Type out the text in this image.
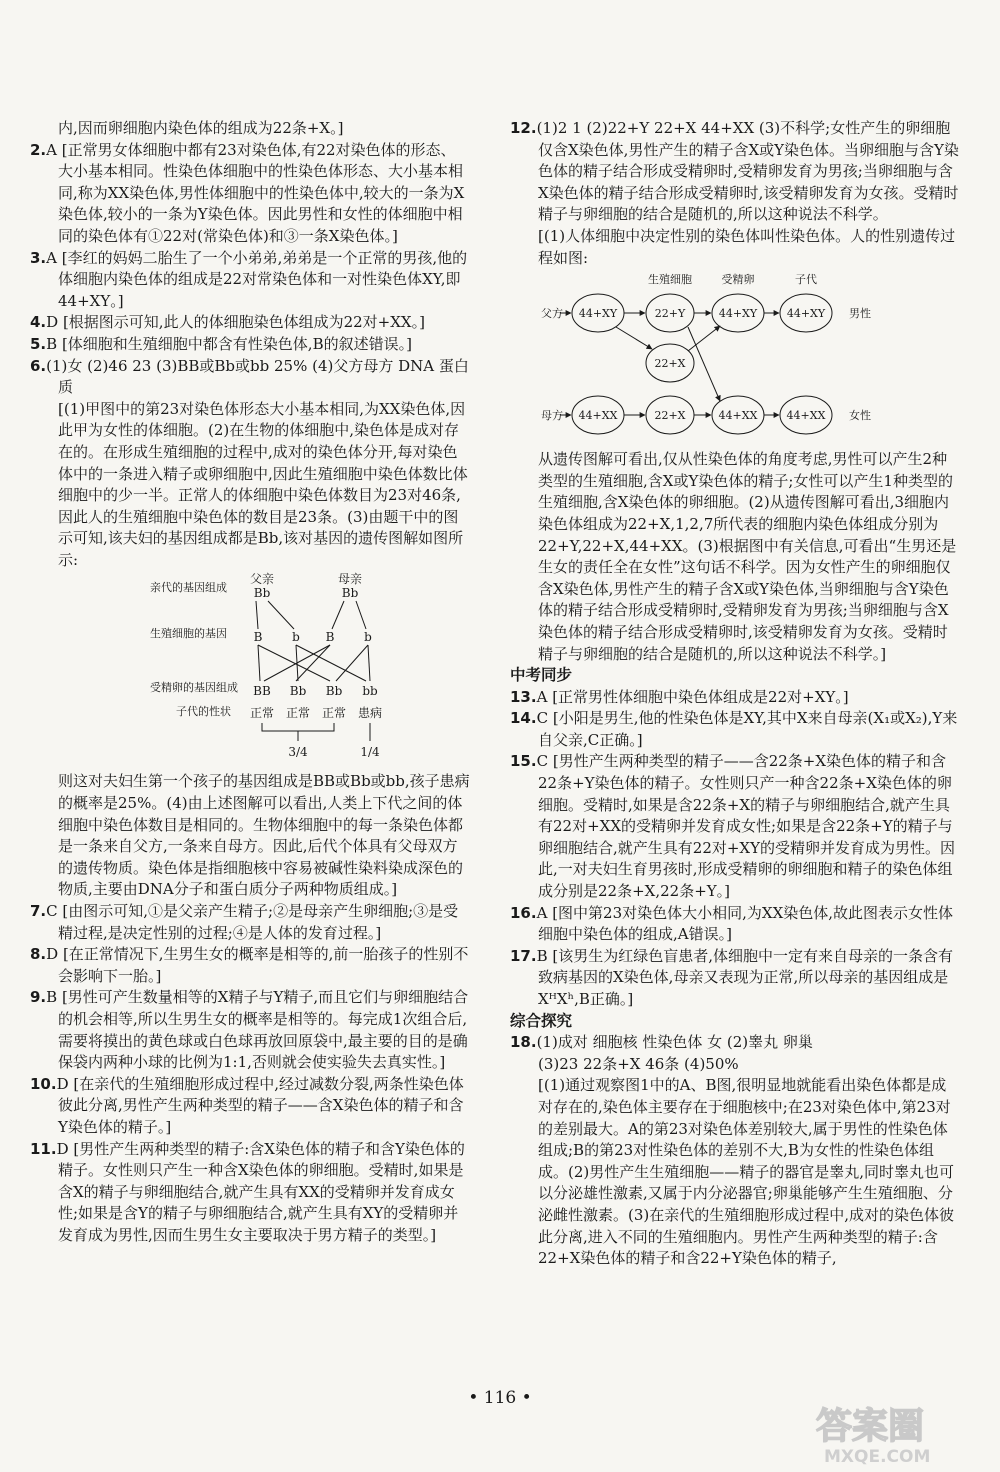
内,因而卵细胞内染色体的组成为22条+X。]

2.A [正常男女体细胞中都有23对染色体,有22对染色体的形态、大小基本相同。性染色体细胞中的性染色体形态、大小基本相同,称为XX染色体,男性体细胞中的性染色体中,较大的一条为X染色体,较小的一条为Y染色体。因此男性和女性的体细胞中相同的染色体有①22对(常染色体)和③一条X染色体。]

3.A [李红的妈妈二胎生了一个小弟弟,弟弟是一个正常的男孩,他的体细胞内染色体的组成是22对常染色体和一对性染色体XY,即44+XY。]

4.D [根据图示可知,此人的体细胞染色体组成为22对+XX。]

5.B [体细胞和生殖细胞中都含有性染色体,B的叙述错误。]

6.(1)女 (2)46 23 (3)BB或Bb或bb 25% (4)父方母方 DNA 蛋白质

[(1)甲图中的第23对染色体形态大小基本相同,为XX染色体,因此甲为女性的体细胞。(2)在生物的体细胞中,染色体是成对存在的。在形成生殖细胞的过程中,成对的染色体分开,每对染色体中的一条进入精子或卵细胞中,因此生殖细胞中染色体数比体细胞中的少一半。正常人的体细胞中染色体数目为23对46条,因此人的生殖细胞中染色体的数目是23条。(3)由题干中的图示可知,该夫妇的基因组成都是Bb,该对基因的遗传图解如图所示:

亲代的基因组成
生殖细胞的基因
受精卵的基因组成
子代的性状
父亲	母亲
Bb	Bb
B b B b
BB Bb Bb bb
正常 正常 正常 患病
3/4	1/4

则这对夫妇生第一个孩子的基因组成是BB或Bb或bb,孩子患病的概率是25%。(4)由上述图解可以看出,人类上下代之间的体细胞中染色体数目是相同的。生物体细胞中的每一条染色体都是一条来自父方,一条来自母方。因此,后代个体具有父母双方的遗传物质。染色体是指细胞核中容易被碱性染料染成深色的物质,主要由DNA分子和蛋白质分子两种物质组成。]

7.C [由图示可知,①是父亲产生精子;②是母亲产生卵细胞;③是受精过程,是决定性别的过程;④是人体的发育过程。]

8.D [在正常情况下,生男生女的概率是相等的,前一胎孩子的性别不会影响下一胎。]

9.B [男性可产生数量相等的X精子与Y精子,而且它们与卵细胞结合的机会相等,所以生男生女的概率是相等的。每完成1次组合后,需要将摸出的黄色球或白色球再放回原袋中,最主要的目的是确保袋内两种小球的比例为1:1,否则就会使实验失去真实性。]

10.D [在亲代的生殖细胞形成过程中,经过减数分裂,两条性染色体彼此分离,男性产生两种类型的精子——含X染色体的精子和含Y染色体的精子。]

11.D [男性产生两种类型的精子:含X染色体的精子和含Y染色体的精子。女性则只产生一种含X染色体的卵细胞。受精时,如果是含X的精子与卵细胞结合,就产生具有XX的受精卵并发育成女性;如果是含Y的精子与卵细胞结合,就产生具有XY的受精卵并发育成为男性,因而生男生女主要取决于男方精子的类型。]

12.(1)2 1 (2)22+Y 22+X 44+XX (3)不科学;女性产生的卵细胞仅含X染色体,男性产生的精子含X或Y染色体。当卵细胞与含Y染色体的精子结合形成受精卵时,受精卵发育为男孩;当卵细胞与含X染色体的精子结合形成受精卵时,该受精卵发育为女孩。受精时精子与卵细胞的结合是随机的,所以这种说法不科学。

[(1)人体细胞中决定性别的染色体叫性染色体。人的性别遗传过程如图:

生殖细胞	受精卵	子代
父方
母方
男性
女性
44+XY
44+XX
22+Y
22+X
22+X
44+XY
44+XX
44+XY
44+XX

从遗传图解可看出,仅从性染色体的角度考虑,男性可以产生2种类型的生殖细胞,含X或Y染色体的精子;女性可以产生1种类型的生殖细胞,含X染色体的卵细胞。(2)从遗传图解可看出,3细胞内染色体组成为22+X,1,2,7所代表的细胞内染色体组成分别为22+Y,22+X,44+XX。(3)根据图中有关信息,可看出“生男还是生女的责任全在女性”这句话不科学。因为女性产生的卵细胞仅含X染色体,男性产生的精子含X或Y染色体,当卵细胞与含Y染色体的精子结合形成受精卵时,受精卵发育为男孩;当卵细胞与含X染色体的精子结合形成受精卵时,该受精卵发育为女孩。受精时精子与卵细胞的结合是随机的,所以这种说法不科学。]

中考同步

13.A [正常男性体细胞中染色体组成是22对+XY。]

14.C [小阳是男生,他的性染色体是XY,其中X来自母亲(X₁或X₂),Y来自父亲,C正确。]

15.C [男性产生两种类型的精子——含22条+X染色体的精子和含22条+Y染色体的精子。女性则只产一种含22条+X染色体的卵细胞。受精时,如果是含22条+X的精子与卵细胞结合,就产生具有22对+XX的受精卵并发育成女性;如果是含22条+Y的精子与卵细胞结合,就产生具有22对+XY的受精卵并发育成为男性。因此,一对夫妇生育男孩时,形成受精卵的卵细胞和精子的染色体组成分别是22条+X,22条+Y。]

16.A [图中第23对染色体大小相同,为XX染色体,故此图表示女性体细胞中染色体的组成,A错误。]

17.B [该男生为红绿色盲患者,体细胞中一定有来自母亲的一条含有致病基因的X染色体,母亲又表现为正常,所以母亲的基因组成是XᴴXʰ,B正确。]

综合探究

18.(1)成对 细胞核 性染色体 女 (2)睾丸 卵巢

(3)23 22条+X 46条 (4)50%

[(1)通过观察图1中的A、B图,很明显地就能看出染色体都是成对存在的,染色体主要存在于细胞核中;在23对染色体中,第23对的差别最大。A的第23对染色体差别较大,属于男性的性染色体组成;B的第23对性染色体的差别不大,B为女性的性染色体组成。(2)男性产生生殖细胞——精子的器官是睾丸,同时睾丸也可以分泌雄性激素,又属于内分泌器官;卵巢能够产生生殖细胞、分泌雌性激素。(3)在亲代的生殖细胞形成过程中,成对的染色体彼此分离,进入不同的生殖细胞内。男性产生两种类型的精子:含22+X染色体的精子和含22+Y染色体的精子,

• 116 •
答案圈
MXQE.COM
